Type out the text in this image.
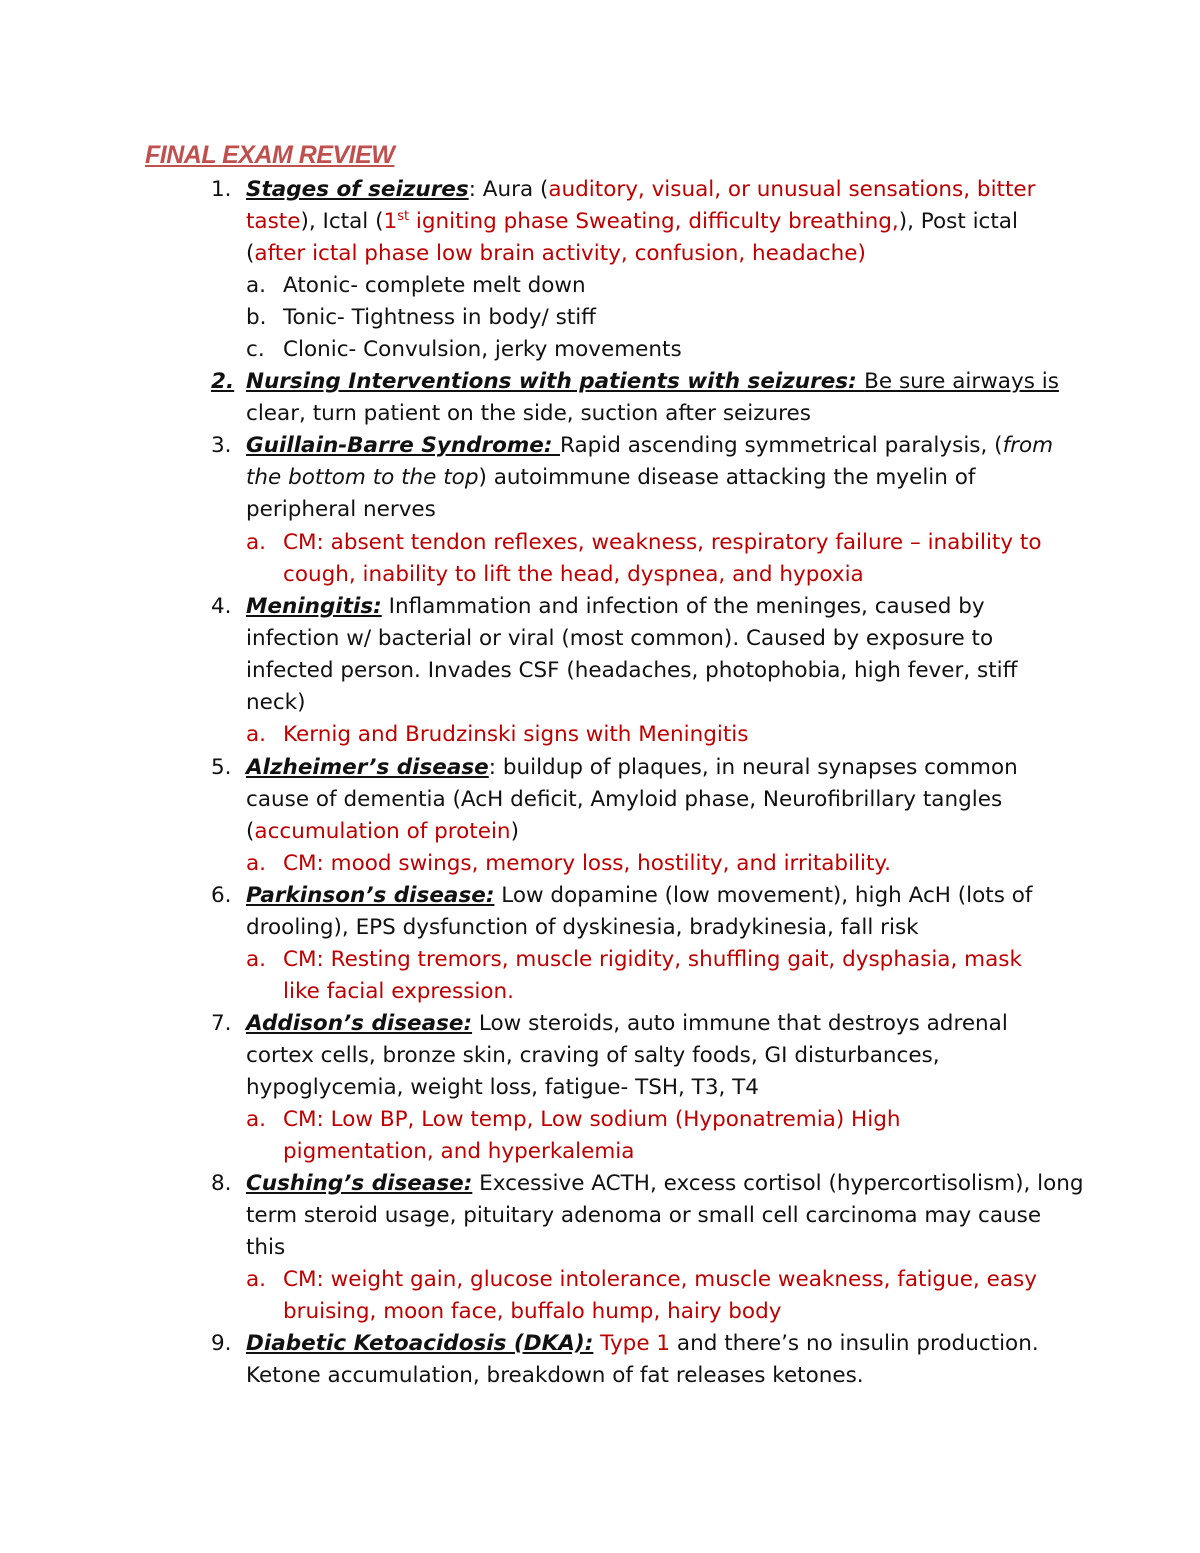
FINAL EXAM REVIEW
1. Stages of seizures: Aura (auditory, visual, or unusual sensations, bitter
taste), Ictal (1st igniting phase Sweating, difficulty breathing,), Post ictal
(after ictal phase low brain activity, confusion, headache)
a. Atonic- complete melt down
b. Tonic- Tightness in body/ stiff
c. Clonic- Convulsion, jerky movements
2. Nursing Interventions with patients with seizures: Be sure airways is
clear, turn patient on the side, suction after seizures
3. Guillain-Barre Syndrome: Rapid ascending symmetrical paralysis, (from
the bottom to the top) autoimmune disease attacking the myelin of
peripheral nerves
a. CM: absent tendon reflexes, weakness, respiratory failure – inability to
cough, inability to lift the head, dyspnea, and hypoxia
4. Meningitis: Inflammation and infection of the meninges, caused by
infection w/ bacterial or viral (most common). Caused by exposure to
infected person. Invades CSF (headaches, photophobia, high fever, stiff
neck)
a. Kernig and Brudzinski signs with Meningitis
5. Alzheimer’s disease: buildup of plaques, in neural synapses common
cause of dementia (AcH deficit, Amyloid phase, Neurofibrillary tangles
(accumulation of protein)
a. CM: mood swings, memory loss, hostility, and irritability.
6. Parkinson’s disease: Low dopamine (low movement), high AcH (lots of
drooling), EPS dysfunction of dyskinesia, bradykinesia, fall risk
a. CM: Resting tremors, muscle rigidity, shuffling gait, dysphasia, mask
like facial expression.
7. Addison’s disease: Low steroids, auto immune that destroys adrenal
cortex cells, bronze skin, craving of salty foods, GI disturbances,
hypoglycemia, weight loss, fatigue- TSH, T3, T4
a. CM: Low BP, Low temp, Low sodium (Hyponatremia) High
pigmentation, and hyperkalemia
8. Cushing’s disease: Excessive ACTH, excess cortisol (hypercortisolism), long
term steroid usage, pituitary adenoma or small cell carcinoma may cause
this
a. CM: weight gain, glucose intolerance, muscle weakness, fatigue, easy
bruising, moon face, buffalo hump, hairy body
9. Diabetic Ketoacidosis (DKA): Type 1 and there’s no insulin production.
Ketone accumulation, breakdown of fat releases ketones.
